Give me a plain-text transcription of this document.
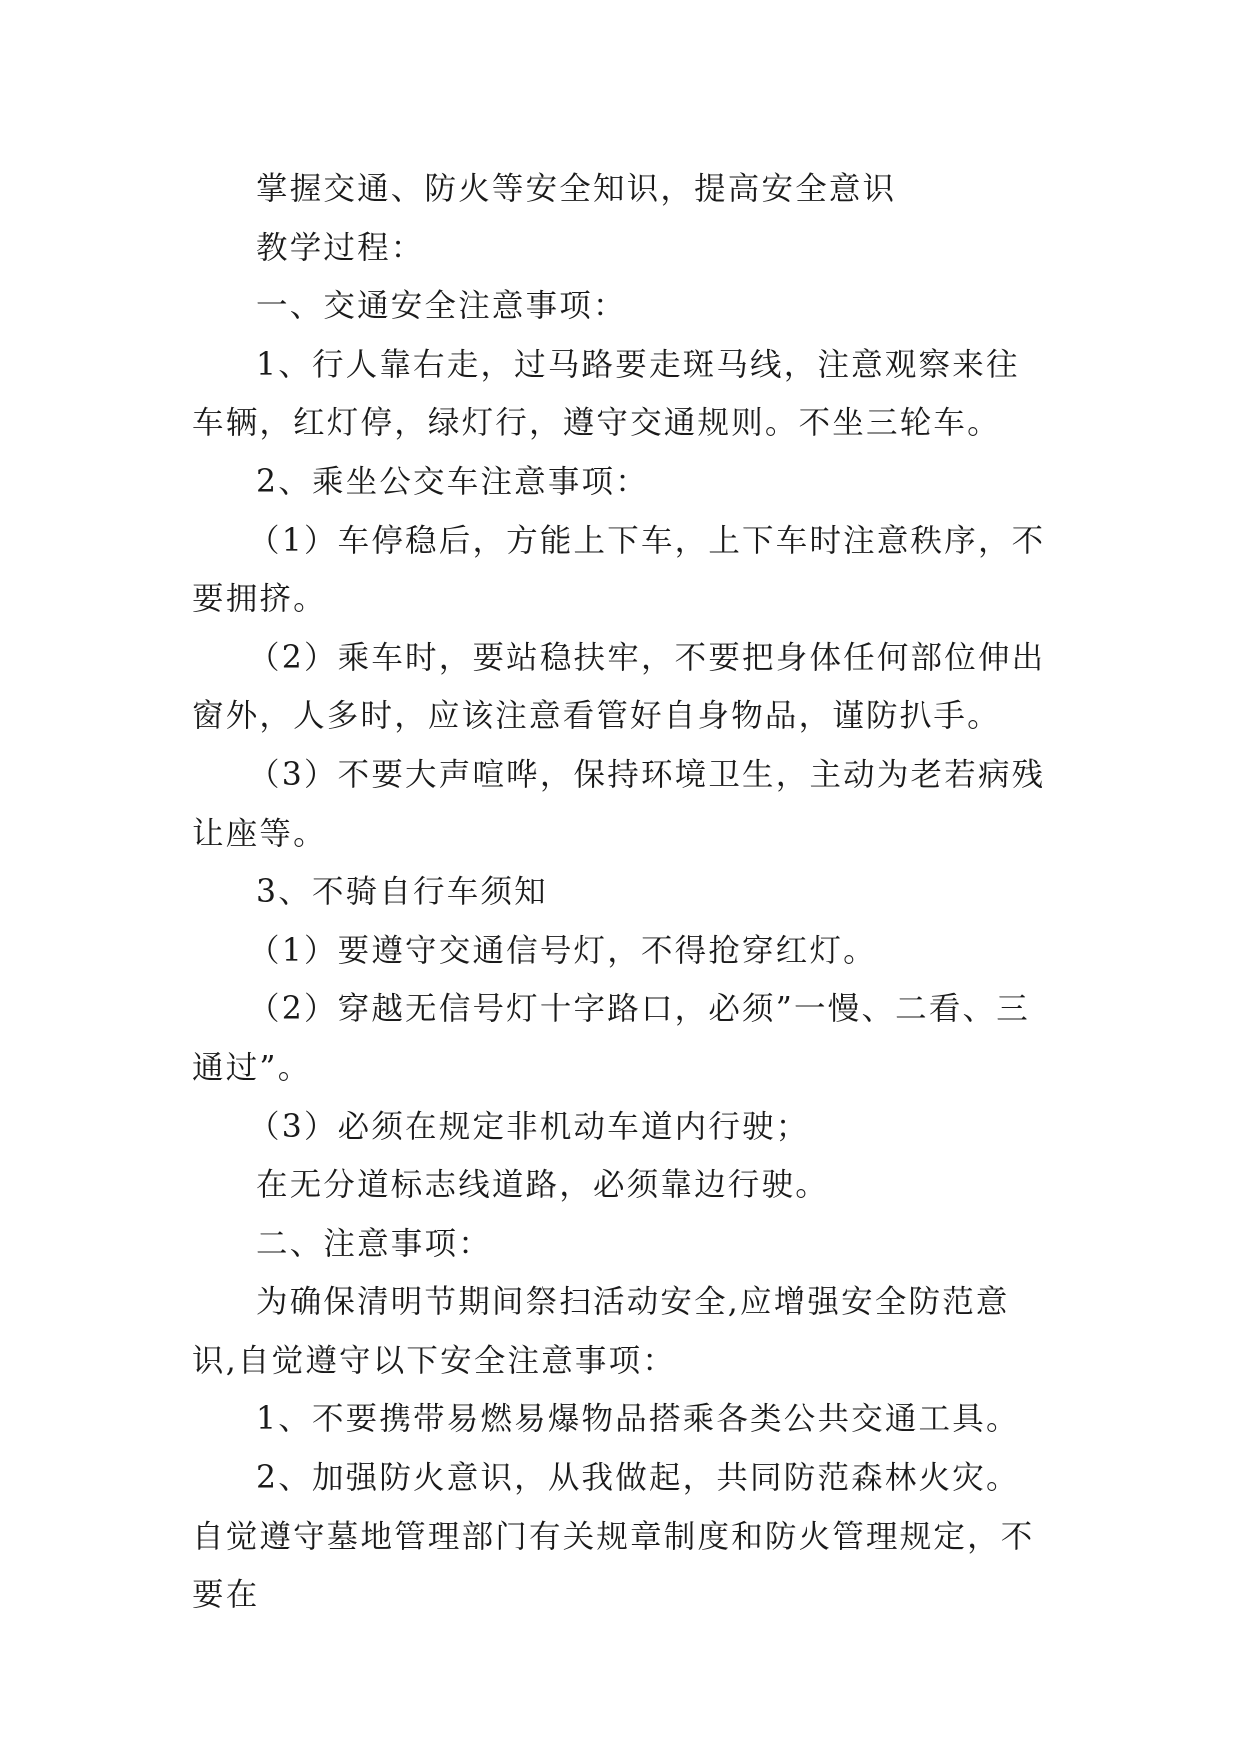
掌握交通、防火等安全知识，提高安全意识

教学过程：

一、交通安全注意事项：

1、行人靠右走，过马路要走斑马线，注意观察来往车辆，红灯停，绿灯行，遵守交通规则。不坐三轮车。

2、乘坐公交车注意事项：

（1）车停稳后，方能上下车，上下车时注意秩序，不要拥挤。

（2）乘车时，要站稳扶牢，不要把身体任何部位伸出窗外，人多时，应该注意看管好自身物品，谨防扒手。

（3）不要大声喧哗，保持环境卫生，主动为老若病残让座等。

3、不骑自行车须知

（1）要遵守交通信号灯，不得抢穿红灯。

（2）穿越无信号灯十字路口，必须”一慢、二看、三通过”。

（3）必须在规定非机动车道内行驶；

在无分道标志线道路，必须靠边行驶。

二、注意事项：

为确保清明节期间祭扫活动安全,应增强安全防范意识,自觉遵守以下安全注意事项：

1、不要携带易燃易爆物品搭乘各类公共交通工具。

2、加强防火意识，从我做起，共同防范森林火灾。自觉遵守墓地管理部门有关规章制度和防火管理规定，不要在
